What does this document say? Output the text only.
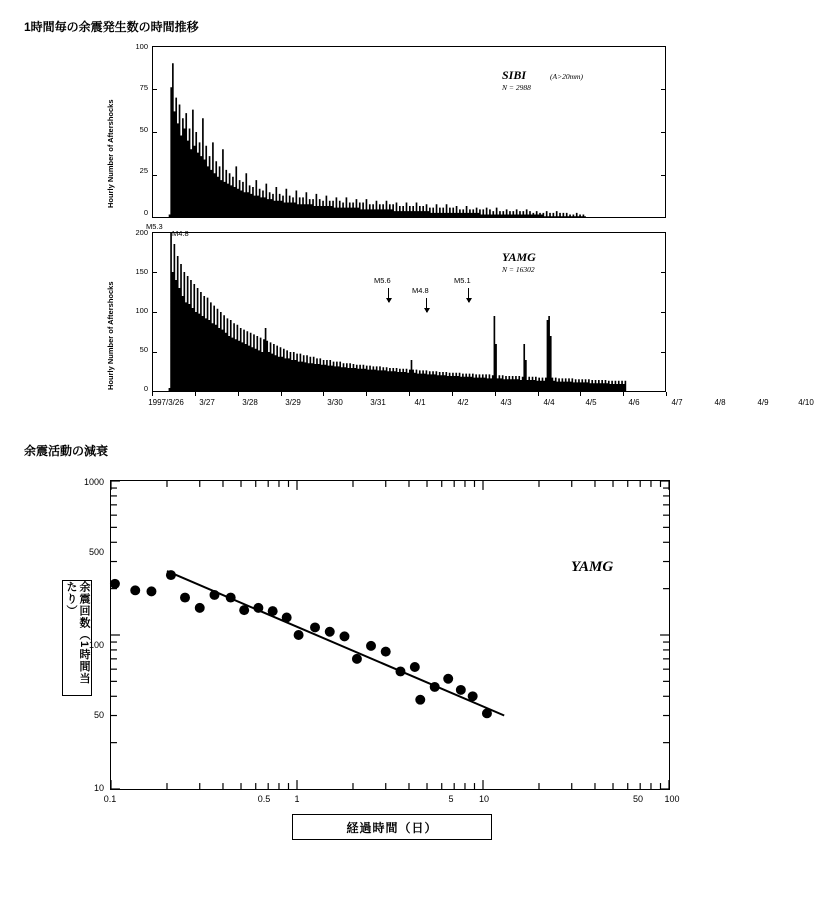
1時間毎の余震発生数の時間推移
余震活動の減衰
Hourly Number of Aftershocks
100
75
50
25
0
SIBI	(A>20mm)
N = 2988
Hourly Number of Aftershocks
200
150
100
50
0
YAMG
N = 16302
M5.3
M4.8
M5.6
M4.8
M5.1
1997/3/26 3/27	3/28	3/29	3/30	3/31	4/1	4/2	4/3	4/4	4/5	4/6	4/7	4/8	4/9	4/10
余震回数（1時間当たり）
1000
500
100
50
10
YAMG
0.1	0.5	1	5	10	50 100
経過時間（日）
